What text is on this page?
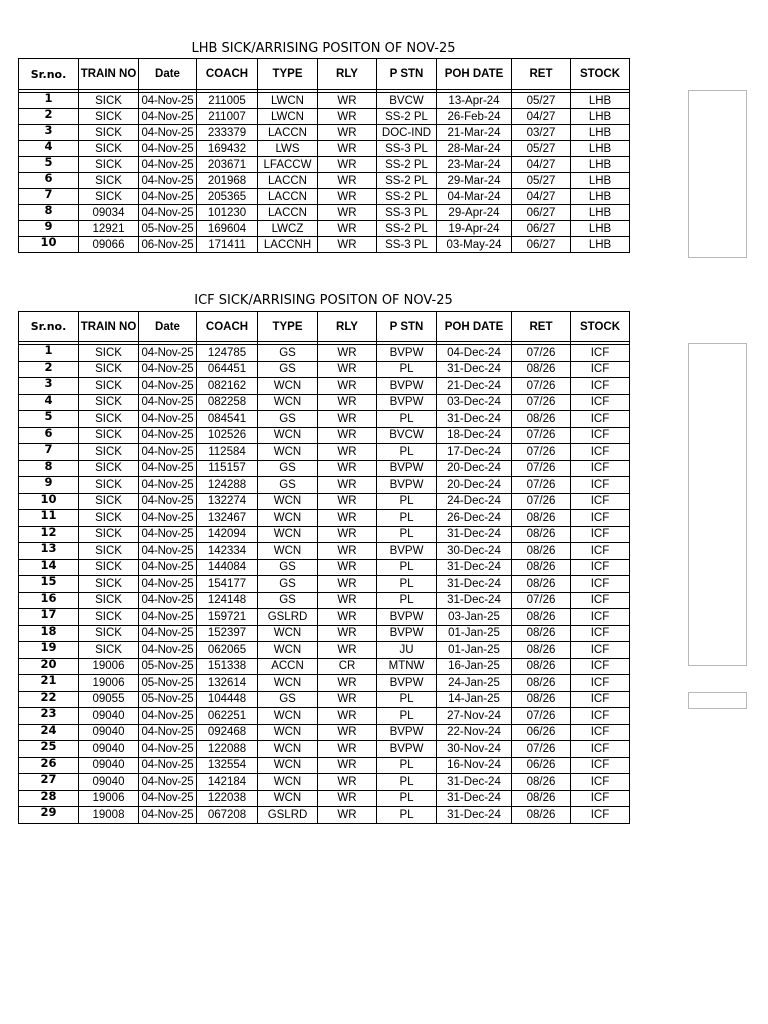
LHB SICK/ARRISING POSITON OF NOV-25
Sr.no.	TRAIN NO	Date	COACH	TYPE	RLY	P STN	POH DATE	RET	STOCK

1	SICK	04-Nov-25	211005	LWCN	WR	BVCW	13-Apr-24	05/27	LHB
2	SICK	04-Nov-25	211007	LWCN	WR	SS-2 PL	26-Feb-24	04/27	LHB
3	SICK	04-Nov-25	233379	LACCN	WR	DOC-IND	21-Mar-24	03/27	LHB
4	SICK	04-Nov-25	169432	LWS	WR	SS-3 PL	28-Mar-24	05/27	LHB
5	SICK	04-Nov-25	203671	LFACCW	WR	SS-2 PL	23-Mar-24	04/27	LHB
6	SICK	04-Nov-25	201968	LACCN	WR	SS-2 PL	29-Mar-24	05/27	LHB
7	SICK	04-Nov-25	205365	LACCN	WR	SS-2 PL	04-Mar-24	04/27	LHB
8	09034	04-Nov-25	101230	LACCN	WR	SS-3 PL	29-Apr-24	06/27	LHB
9	12921	05-Nov-25	169604	LWCZ	WR	SS-2 PL	19-Apr-24	06/27	LHB
10	09066	06-Nov-25	171411	LACCNH	WR	SS-3 PL	03-May-24	06/27	LHB
ICF SICK/ARRISING POSITON OF NOV-25
Sr.no.	TRAIN NO	Date	COACH	TYPE	RLY	P STN	POH DATE	RET	STOCK

1	SICK	04-Nov-25	124785	GS	WR	BVPW	04-Dec-24	07/26	ICF
2	SICK	04-Nov-25	064451	GS	WR	PL	31-Dec-24	08/26	ICF
3	SICK	04-Nov-25	082162	WCN	WR	BVPW	21-Dec-24	07/26	ICF
4	SICK	04-Nov-25	082258	WCN	WR	BVPW	03-Dec-24	07/26	ICF
5	SICK	04-Nov-25	084541	GS	WR	PL	31-Dec-24	08/26	ICF
6	SICK	04-Nov-25	102526	WCN	WR	BVCW	18-Dec-24	07/26	ICF
7	SICK	04-Nov-25	112584	WCN	WR	PL	17-Dec-24	07/26	ICF
8	SICK	04-Nov-25	115157	GS	WR	BVPW	20-Dec-24	07/26	ICF
9	SICK	04-Nov-25	124288	GS	WR	BVPW	20-Dec-24	07/26	ICF
10	SICK	04-Nov-25	132274	WCN	WR	PL	24-Dec-24	07/26	ICF
11	SICK	04-Nov-25	132467	WCN	WR	PL	26-Dec-24	08/26	ICF
12	SICK	04-Nov-25	142094	WCN	WR	PL	31-Dec-24	08/26	ICF
13	SICK	04-Nov-25	142334	WCN	WR	BVPW	30-Dec-24	08/26	ICF
14	SICK	04-Nov-25	144084	GS	WR	PL	31-Dec-24	08/26	ICF
15	SICK	04-Nov-25	154177	GS	WR	PL	31-Dec-24	08/26	ICF
16	SICK	04-Nov-25	124148	GS	WR	PL	31-Dec-24	07/26	ICF
17	SICK	04-Nov-25	159721	GSLRD	WR	BVPW	03-Jan-25	08/26	ICF
18	SICK	04-Nov-25	152397	WCN	WR	BVPW	01-Jan-25	08/26	ICF
19	SICK	04-Nov-25	062065	WCN	WR	JU	01-Jan-25	08/26	ICF
20	19006	05-Nov-25	151338	ACCN	CR	MTNW	16-Jan-25	08/26	ICF
21	19006	05-Nov-25	132614	WCN	WR	BVPW	24-Jan-25	08/26	ICF
22	09055	05-Nov-25	104448	GS	WR	PL	14-Jan-25	08/26	ICF
23	09040	04-Nov-25	062251	WCN	WR	PL	27-Nov-24	07/26	ICF
24	09040	04-Nov-25	092468	WCN	WR	BVPW	22-Nov-24	06/26	ICF
25	09040	04-Nov-25	122088	WCN	WR	BVPW	30-Nov-24	07/26	ICF
26	09040	04-Nov-25	132554	WCN	WR	PL	16-Nov-24	06/26	ICF
27	09040	04-Nov-25	142184	WCN	WR	PL	31-Dec-24	08/26	ICF
28	19006	04-Nov-25	122038	WCN	WR	PL	31-Dec-24	08/26	ICF
29	19008	04-Nov-25	067208	GSLRD	WR	PL	31-Dec-24	08/26	ICF
